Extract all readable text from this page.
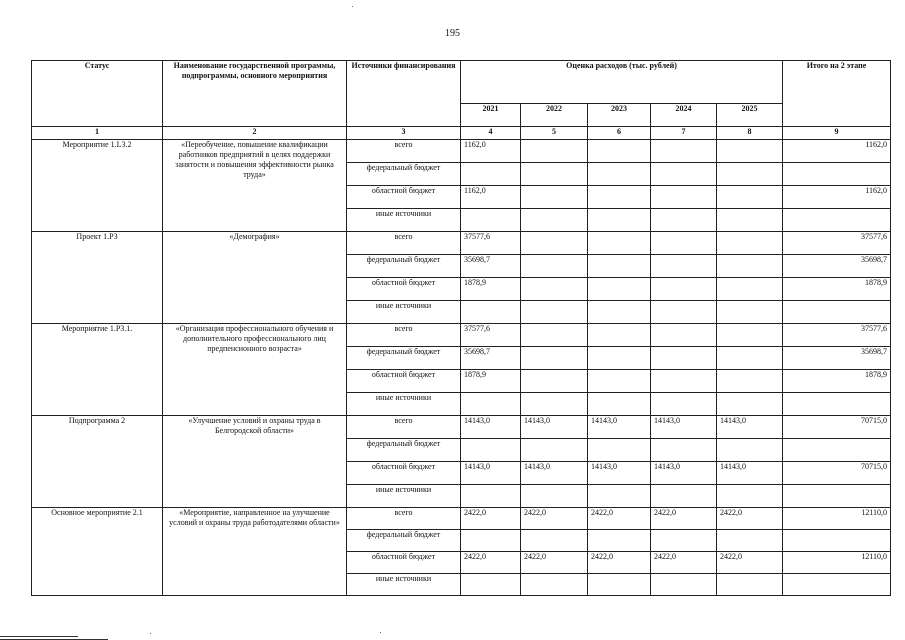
195
Статус	Наименование государственной программы, подпрограммы, основного мероприятия	Источники финансирования	Оценка расходов (тыс. рублей)					Итого на 2 этапе
			2021	2022	2023	2024	2025	
1	2	3	4	5	6	7	8	9
Мероприятие 1.L3.2	«Переобучение, повышение квалификации работников предприятий в целях поддержки занятости и повышения эффективности рынка труда»	всего	1162,0					1162,0
		федеральный бюджет						
		областной бюджет	1162,0					1162,0
		иные источники						
Проект 1.Р3	«Демография»	всего	37577,6					37577,6
		федеральный бюджет	35698,7					35698,7
		областной бюджет	1878,9					1878,9
		иные источники						
Мероприятие 1.Р3.1.	«Организация профессионального обучения и дополнительного профессионального лиц предпенсионного возраста»	всего	37577,6					37577,6
		федеральный бюджет	35698,7					35698,7
		областной бюджет	1878,9					1878,9
		иные источники						
Подпрограмма 2	«Улучшение условий и охраны труда в Белгородской области»	всего	14143,0	14143,0	14143,0	14143,0	14143,0	70715,0
		федеральный бюджет						
		областной бюджет	14143,0	14143,0	14143,0	14143,0	14143,0	70715,0
		иные источники						
Основное мероприятие 2.1	«Мероприятие, направленное на улучшение условий и охраны труда работодателями области»	всего	2422,0	2422,0	2422,0	2422,0	2422,0	12110,0
		федеральный бюджет						
		областной бюджет	2422,0	2422,0	2422,0	2422,0	2422,0	12110,0
		иные источники						
